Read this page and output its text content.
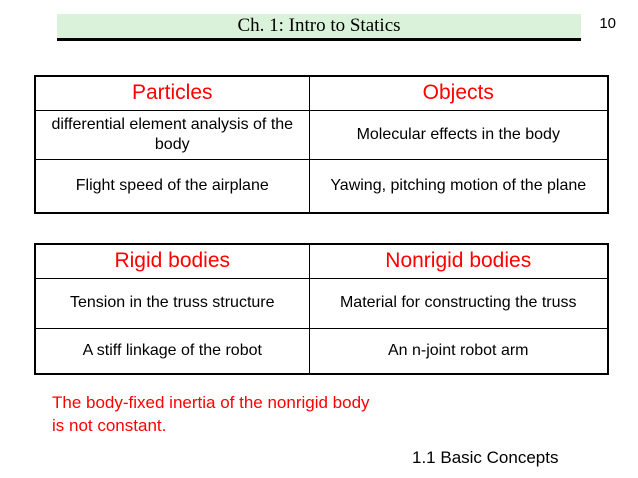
Ch. 1: Intro to Statics	10
Particles	Objects
differential element analysis of the body	Molecular effects in the body
Flight speed of the airplane	Yawing, pitching motion of the plane
Rigid bodies	Nonrigid bodies
Tension in the truss structure	Material for constructing the truss
A stiff linkage of the robot	An n-joint robot arm
The body-fixed inertia of the nonrigid body
is not constant.
1.1 Basic Concepts
